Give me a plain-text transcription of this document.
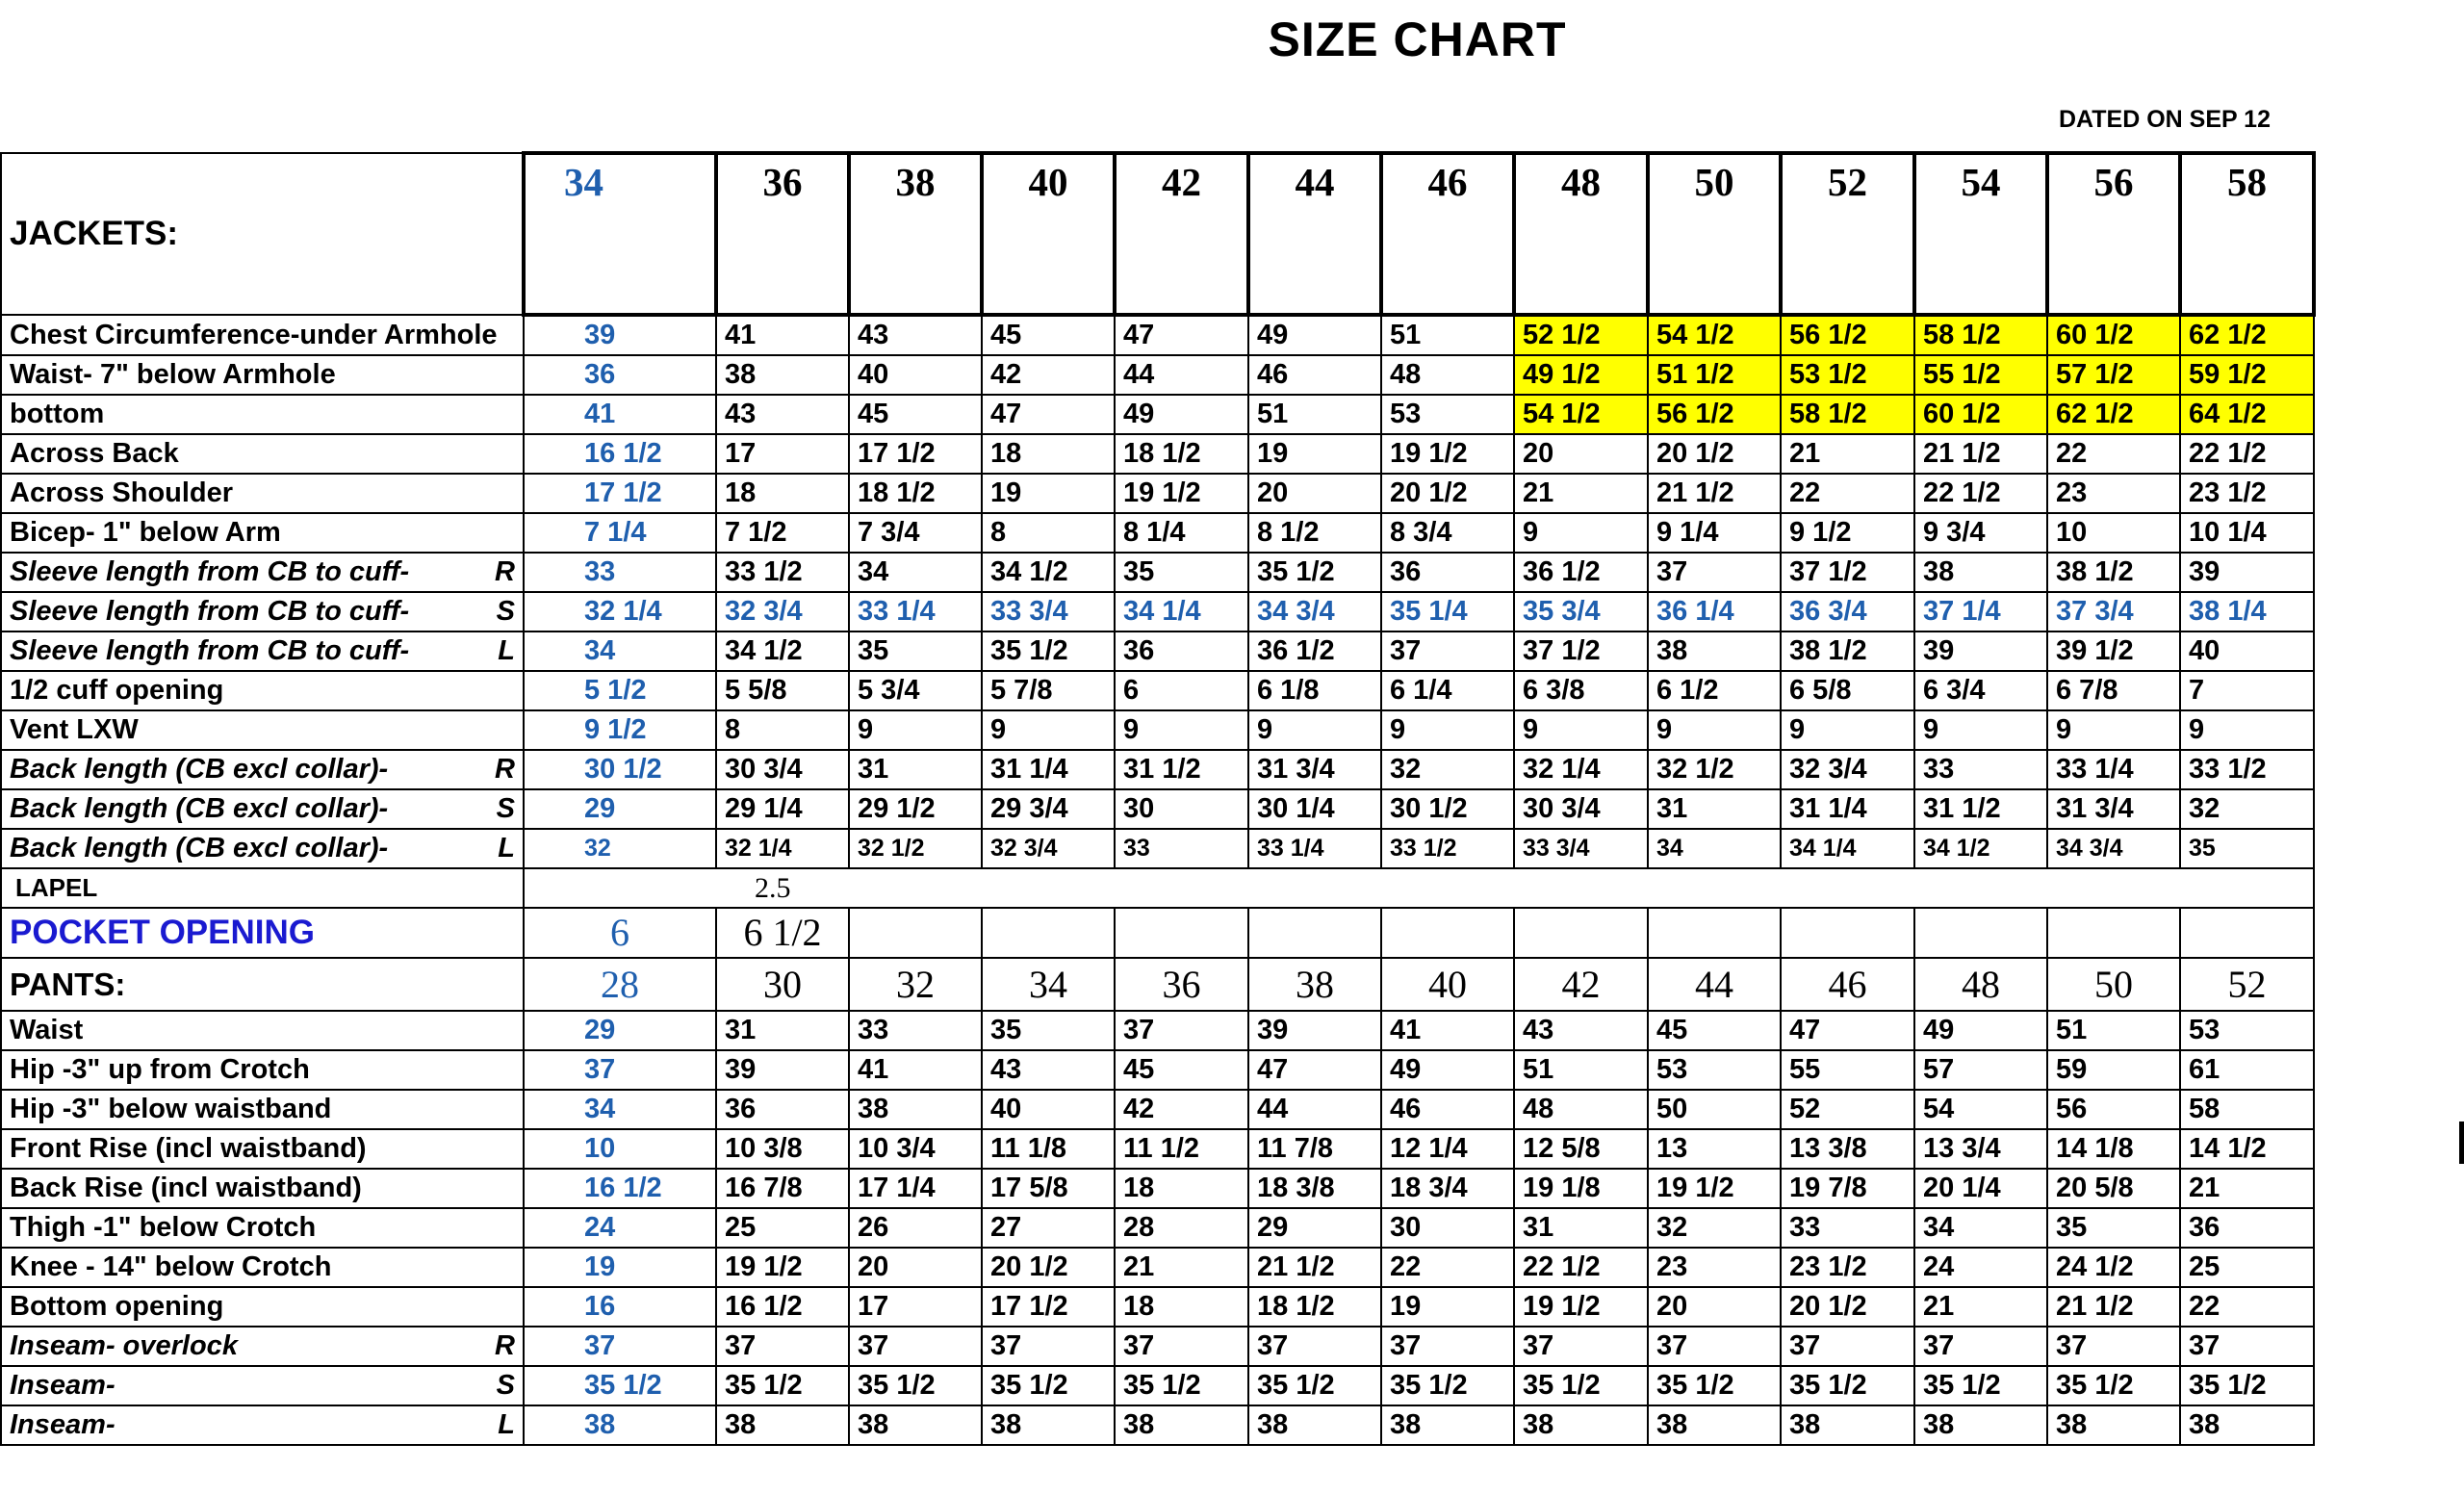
SIZE CHART
DATED ON SEP 12
JACKETS:	34	36	38	40	42	44	46	48	50	52	54	56	58

Chest Circumference-under Armhole	39	41	43	45	47	49	51	52 1/2	54 1/2	56 1/2	58 1/2	60 1/2	62 1/2

Waist- 7" below Armhole	36	38	40	42	44	46	48	49 1/2	51 1/2	53 1/2	55 1/2	57 1/2	59 1/2

bottom	41	43	45	47	49	51	53	54 1/2	56 1/2	58 1/2	60 1/2	62 1/2	64 1/2

Across Back	16 1/2	17	17 1/2	18	18 1/2	19	19 1/2	20	20 1/2	21	21 1/2	22	22 1/2

Across Shoulder	17 1/2	18	18 1/2	19	19 1/2	20	20 1/2	21	21 1/2	22	22 1/2	23	23 1/2

Bicep- 1" below Arm	7 1/4	7 1/2	7 3/4	8	8 1/4	8 1/2	8 3/4	9	9 1/4	9 1/2	9 3/4	10	10 1/4

Sleeve length from CB to cuff- R	33	33 1/2	34	34 1/2	35	35 1/2	36	36 1/2	37	37 1/2	38	38 1/2	39

Sleeve length from CB to cuff- S	32 1/4	32 3/4	33 1/4	33 3/4	34 1/4	34 3/4	35 1/4	35 3/4	36 1/4	36 3/4	37 1/4	37 3/4	38 1/4

Sleeve length from CB to cuff- L	34	34 1/2	35	35 1/2	36	36 1/2	37	37 1/2	38	38 1/2	39	39 1/2	40

1/2 cuff opening	5 1/2	5 5/8	5 3/4	5 7/8	6	6 1/8	6 1/4	6 3/8	6 1/2	6 5/8	6 3/4	6 7/8	7

Vent LXW	9 1/2	8	9	9	9	9	9	9	9	9	9	9	9

Back length (CB excl collar)- R	30 1/2	30 3/4	31	31 1/4	31 1/2	31 3/4	32	32 1/4	32 1/2	32 3/4	33	33 1/4	33 1/2

Back length (CB excl collar)- S	29	29 1/4	29 1/2	29 3/4	30	30 1/4	30 1/2	30 3/4	31	31 1/4	31 1/2	31 3/4	32

Back length (CB excl collar)- L	32	32 1/4	32 1/2	32 3/4	33	33 1/4	33 1/2	33 3/4	34	34 1/4	34 1/2	34 3/4	35
LAPEL		2.5											
POCKET OPENING	6	6 1/2											
PANTS:	28	30	32	34	36	38	40	42	44	46	48	50	52

Waist	29	31	33	35	37	39	41	43	45	47	49	51	53

Hip -3" up from Crotch	37	39	41	43	45	47	49	51	53	55	57	59	61

Hip -3" below waistband	34	36	38	40	42	44	46	48	50	52	54	56	58

Front Rise (incl waistband)	10	10 3/8	10 3/4	11 1/8	11 1/2	11 7/8	12 1/4	12 5/8	13	13 3/8	13 3/4	14 1/8	14 1/2

Back Rise (incl waistband)	16 1/2	16 7/8	17 1/4	17 5/8	18	18 3/8	18 3/4	19 1/8	19 1/2	19 7/8	20 1/4	20 5/8	21

Thigh -1" below Crotch	24	25	26	27	28	29	30	31	32	33	34	35	36

Knee - 14" below Crotch	19	19 1/2	20	20 1/2	21	21 1/2	22	22 1/2	23	23 1/2	24	24 1/2	25

Bottom opening	16	16 1/2	17	17 1/2	18	18 1/2	19	19 1/2	20	20 1/2	21	21 1/2	22

Inseam- overlock R	37	37	37	37	37	37	37	37	37	37	37	37	37

Inseam- S	35 1/2	35 1/2	35 1/2	35 1/2	35 1/2	35 1/2	35 1/2	35 1/2	35 1/2	35 1/2	35 1/2	35 1/2	35 1/2

Inseam- L	38	38	38	38	38	38	38	38	38	38	38	38	38
